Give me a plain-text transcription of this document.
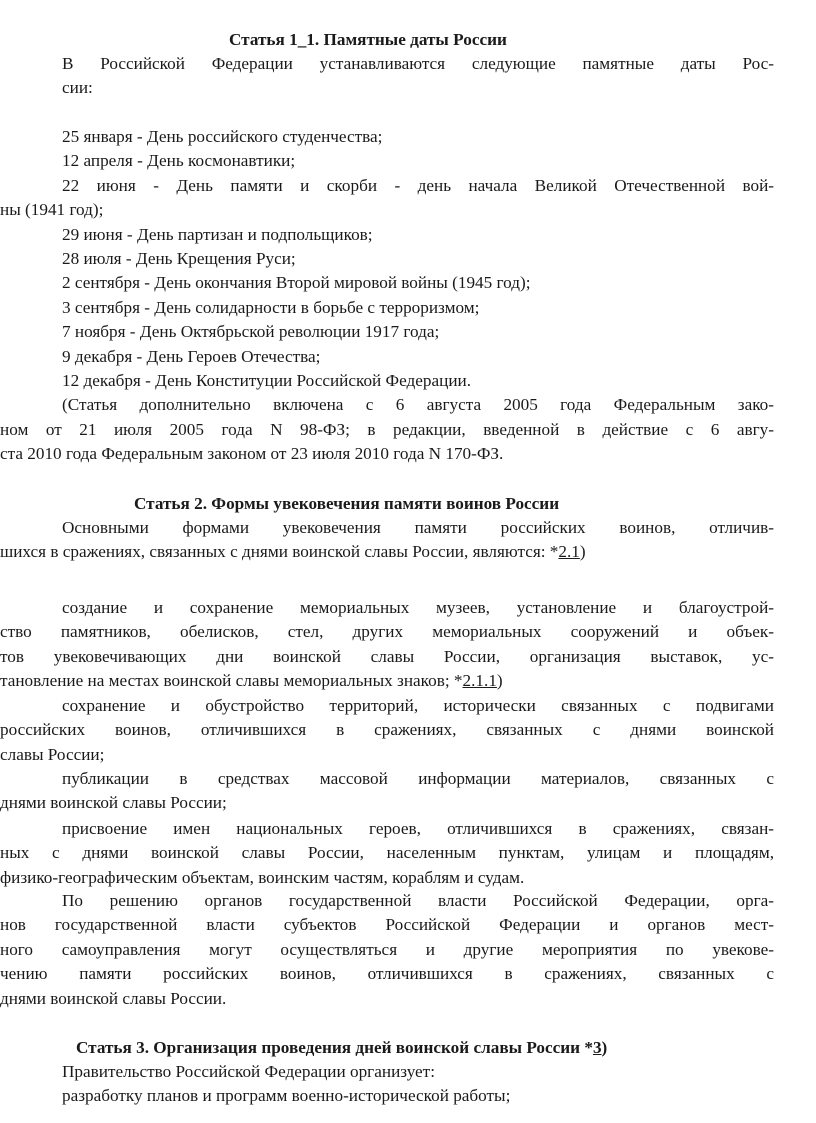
Статья 1_1. Памятные даты России
В Российской Федерации устанавливаются следующие памятные даты Рос-
сии:
25 января - День российского студенчества;
12 апреля - День космонавтики;
22 июня - День памяти и скорби - день начала Великой Отечественной вой-
ны (1941 год);
29 июня - День партизан и подпольщиков;
28 июля - День Крещения Руси;
2 сентября - День окончания Второй мировой войны (1945 год);
3 сентября - День солидарности в борьбе с терроризмом;
7 ноября - День Октябрьской революции 1917 года;
9 декабря - День Героев Отечества;
12 декабря - День Конституции Российской Федерации.
(Статья дополнительно включена с 6 августа 2005 года Федеральным зако-
ном от 21 июля 2005 года N 98-ФЗ; в редакции, введенной в действие с 6 авгу-
ста 2010 года Федеральным законом от 23 июля 2010 года N 170-ФЗ.
Статья 2. Формы увековечения памяти воинов России
Основными формами увековечения памяти российских воинов, отличив-
шихся в сражениях, связанных с днями воинской славы России, являются: *2.1)
создание и сохранение мемориальных музеев, установление и благоустрой-
ство памятников, обелисков, стел, других мемориальных сооружений и объек-
тов увековечивающих дни воинской славы России, организация выставок, ус-
тановление на местах воинской славы мемориальных знаков; *2.1.1)
сохранение и обустройство территорий, исторически связанных с подвигами
российских воинов, отличившихся в сражениях, связанных с днями воинской
славы России;
публикации в средствах массовой информации материалов, связанных с
днями воинской славы России;
присвоение имен национальных героев, отличившихся в сражениях, связан-
ных с днями воинской славы России, населенным пунктам, улицам и площадям,
физико-географическим объектам, воинским частям, кораблям и судам.
По решению органов государственной власти Российской Федерации, орга-
нов государственной власти субъектов Российской Федерации и органов мест-
ного самоуправления могут осуществляться и другие мероприятия по увекове-
чению памяти российских воинов, отличившихся в сражениях, связанных с
днями воинской славы России.
Статья 3. Организация проведения дней воинской славы России *3)
Правительство Российской Федерации организует:
разработку планов и программ военно-исторической работы;
